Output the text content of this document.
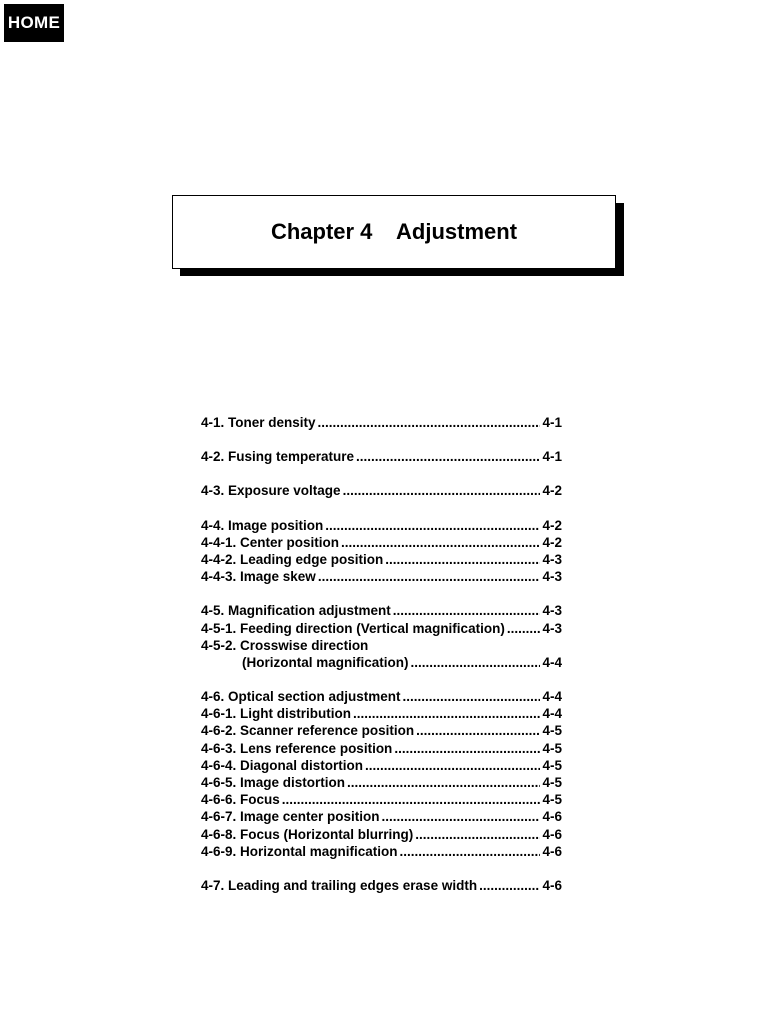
HOME
Chapter 4    Adjustment
4-1. Toner density .....	4-1
4-2. Fusing temperature .....	4-1
4-3. Exposure voltage .....	4-2
4-4. Image position .....	4-2
4-4-1. Center position .....	4-2
4-4-2. Leading edge position .....	4-3
4-4-3. Image skew .....	4-3
4-5. Magnification adjustment .....	4-3
4-5-1. Feeding direction (Vertical magnification) .....	4-3
4-5-2. Crosswise direction
(Horizontal magnification) .....	4-4
4-6. Optical section adjustment .....	4-4
4-6-1. Light distribution .....	4-4
4-6-2. Scanner reference position .....	4-5
4-6-3. Lens reference position .....	4-5
4-6-4. Diagonal distortion .....	4-5
4-6-5. Image distortion .....	4-5
4-6-6. Focus .....	4-5
4-6-7. Image center position .....	4-6
4-6-8. Focus (Horizontal blurring) .....	4-6
4-6-9. Horizontal magnification .....	4-6
4-7. Leading and trailing edges erase width .....	4-6
